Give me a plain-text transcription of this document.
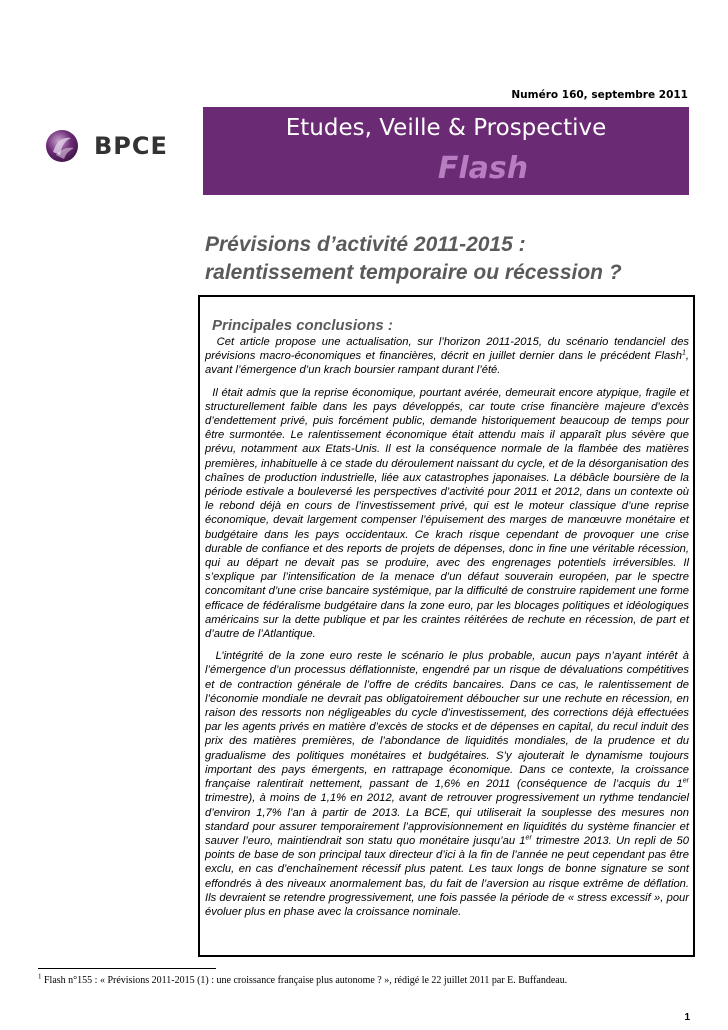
Numéro 160, septembre 2011
BPCE
Etudes, Veille & Prospective
Flash
Prévisions d’activité 2011-2015 :
ralentissement temporaire ou récession ?
Principales conclusions :

Cet article propose une actualisation, sur l’horizon 2011-2015, du scénario tendanciel des prévisions macro-économiques et financières, décrit en juillet dernier dans le précédent Flash$^1$, avant l’émergence d’un krach boursier rampant durant l’été.

Il était admis que la reprise économique, pourtant avérée, demeurait encore atypique, fragile et structurellement faible dans les pays développés, car toute crise financière majeure d’excès d’endettement privé, puis forcément public, demande historiquement beaucoup de temps pour être surmontée. Le ralentissement économique était attendu mais il apparaît plus sévère que prévu, notamment aux Etats-Unis. Il est la conséquence normale de la flambée des matières premières, inhabituelle à ce stade du déroulement naissant du cycle, et de la désorganisation des chaînes de production industrielle, liée aux catastrophes japonaises. La débâcle boursière de la période estivale a bouleversé les perspectives d’activité pour 2011 et 2012, dans un contexte où le rebond déjà en cours de l’investissement privé, qui est le moteur classique d’une reprise économique, devait largement compenser l’épuisement des marges de manœuvre monétaire et budgétaire dans les pays occidentaux. Ce krach risque cependant de provoquer une crise durable de confiance et des reports de projets de dépenses, donc in fine une véritable récession, qui au départ ne devait pas se produire, avec des engrenages potentiels irréversibles. Il s’explique par l’intensification de la menace d’un défaut souverain européen, par le spectre concomitant d’une crise bancaire systémique, par la difficulté de construire rapidement une forme efficace de fédéralisme budgétaire dans la zone euro, par les blocages politiques et idéologiques américains sur la dette publique et par les craintes réitérées de rechute en récession, de part et d’autre de l’Atlantique.

L’intégrité de la zone euro reste le scénario le plus probable, aucun pays n’ayant intérêt à l’émergence d’un processus déflationniste, engendré par un risque de dévaluations compétitives et de contraction générale de l’offre de crédits bancaires. Dans ce cas, le ralentissement de l’économie mondiale ne devrait pas obligatoirement déboucher sur une rechute en récession, en raison des ressorts non négligeables du cycle d’investissement, des corrections déjà effectuées par les agents privés en matière d’excès de stocks et de dépenses en capital, du recul induit des prix des matières premières, de l’abondance de liquidités mondiales, de la prudence et du gradualisme des politiques monétaires et budgétaires. S’y ajouterait le dynamisme toujours important des pays émergents, en rattrapage économique. Dans ce contexte, la croissance française ralentirait nettement, passant de 1,6% en 2011 (conséquence de l’acquis du 1er trimestre), à moins de 1,1% en 2012, avant de retrouver progressivement un rythme tendanciel d’environ 1,7% l’an à partir de 2013. La BCE, qui utiliserait la souplesse des mesures non standard pour assurer temporairement l’approvisionnement en liquidités du système financier et sauver l’euro, maintiendrait son statu quo monétaire jusqu’au 1er trimestre 2013. Un repli de 50 points de base de son principal taux directeur d’ici à la fin de l’année ne peut cependant pas être exclu, en cas d’enchaînement récessif plus patent. Les taux longs de bonne signature se sont effondrés à des niveaux anormalement bas, du fait de l’aversion au risque extrême de déflation. Ils devraient se retendre progressivement, une fois passée la période de « stress excessif », pour évoluer plus en phase avec la croissance nominale.

$^1$ Flash n°155 : « Prévisions 2011-2015 (1) : une croissance française plus autonome ? », rédigé le 22 juillet 2011 par E. Buffandeau.
1
